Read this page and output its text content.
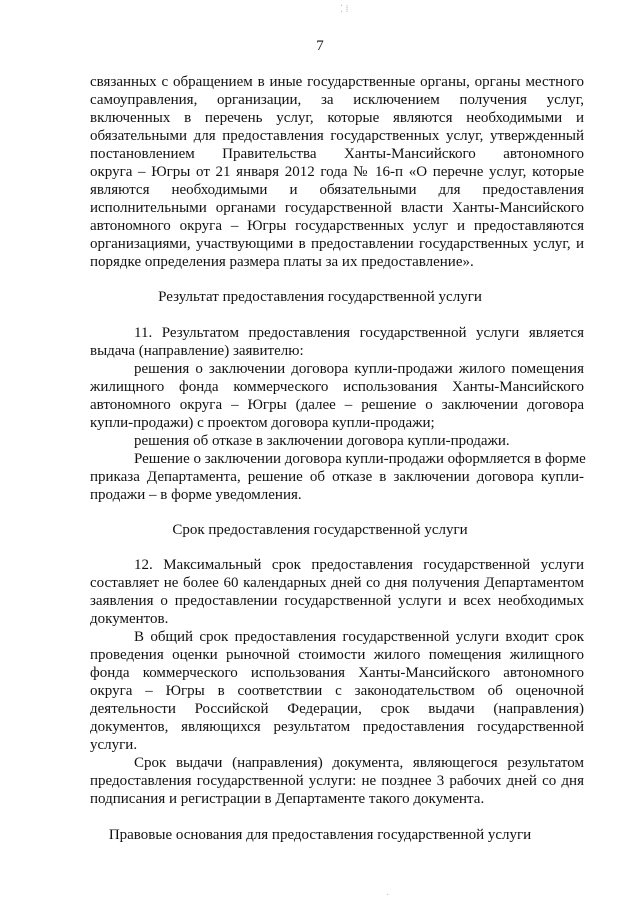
⁚ ⁞
7
связанных с обращением в иные государственные органы, органы местного
самоуправления, организации, за исключением получения услуг,
включенных в перечень услуг, которые являются необходимыми и
обязательными для предоставления государственных услуг, утвержденный
постановлением Правительства Ханты-Мансийского автономного
округа – Югры от 21 января 2012 года № 16-п «О перечне услуг, которые
являются необходимыми и обязательными для предоставления
исполнительными органами государственной власти Ханты-Мансийского
автономного округа – Югры государственных услуг и предоставляются
организациями, участвующими в предоставлении государственных услуг, и
порядке определения размера платы за их предоставление».
Результат предоставления государственной услуги
11. Результатом предоставления государственной услуги является
выдача (направление) заявителю:
решения о заключении договора купли-продажи жилого помещения
жилищного фонда коммерческого использования Ханты-Мансийского
автономного округа – Югры (далее – решение о заключении договора
купли-продажи) с проектом договора купли-продажи;
решения об отказе в заключении договора купли-продажи.
Решение о заключении договора купли-продажи оформляется в форме
приказа Департамента, решение об отказе в заключении договора купли-
продажи – в форме уведомления.
Срок предоставления государственной услуги
12. Максимальный срок предоставления государственной услуги
составляет не более 60 календарных дней со дня получения Департаментом
заявления о предоставлении государственной услуги и всех необходимых
документов.
В общий срок предоставления государственной услуги входит срок
проведения оценки рыночной стоимости жилого помещения жилищного
фонда коммерческого использования Ханты-Мансийского автономного
округа – Югры в соответствии с законодательством об оценочной
деятельности Российской Федерации, срок выдачи (направления)
документов, являющихся результатом предоставления государственной
услуги.
Срок выдачи (направления) документа, являющегося результатом
предоставления государственной услуги: не позднее 3 рабочих дней со дня
подписания и регистрации в Департаменте такого документа.
Правовые основания для предоставления государственной услуги
·
